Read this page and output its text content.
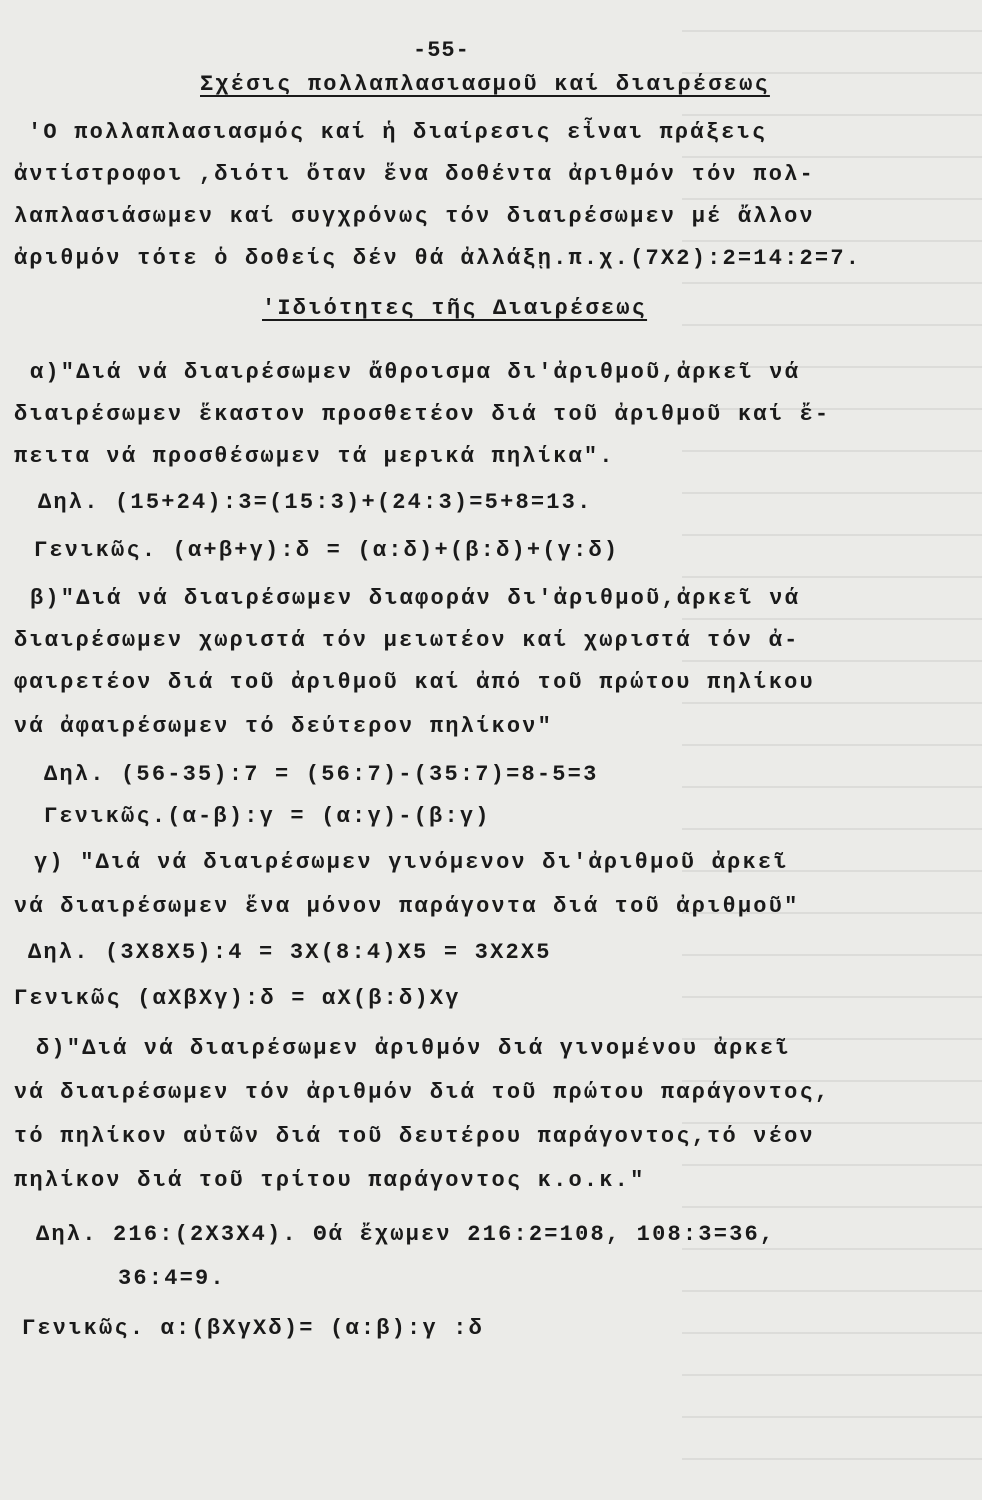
-55-
Σχέσις πολλαπλασιασμοῦ καί διαιρέσεως
'Ο πολλαπλασιασμός καί ἡ διαίρεσις εἶναι πράξεις
ἀντίστροφοι ,διότι ὅταν ἕνα δοθέντα ἀριθμόν τόν πολ-
λαπλασιάσωμεν καί συγχρόνως τόν διαιρέσωμεν μέ ἄλλον
ἀριθμόν τότε ὁ δοθείς δέν θά ἀλλάξῃ.π.χ.(7Χ2):2=14:2=7.
'Ιδιότητες τῆς Διαιρέσεως
α)"Διά νά διαιρέσωμεν ἄθροισμα δι'ἀριθμοῦ,ἀρκεῖ νά
διαιρέσωμεν ἕκαστον προσθετέον διά τοῦ ἀριθμοῦ καί ἔ-
πειτα νά προσθέσωμεν τά μερικά πηλίκα".
Δηλ. (15+24):3=(15:3)+(24:3)=5+8=13.
Γενικῶς. (α+β+γ):δ = (α:δ)+(β:δ)+(γ:δ)
β)"Διά νά διαιρέσωμεν διαφοράν δι'ἀριθμοῦ,ἀρκεῖ νά
διαιρέσωμεν χωριστά τόν μειωτέον καί χωριστά τόν ἀ-
φαιρετέον διά τοῦ ἀριθμοῦ καί ἀπό τοῦ πρώτου πηλίκου
νά ἀφαιρέσωμεν τό δεύτερον πηλίκον"
Δηλ. (56-35):7 = (56:7)-(35:7)=8-5=3
Γενικῶς.(α-β):γ = (α:γ)-(β:γ)
γ) "Διά νά διαιρέσωμεν γινόμενον δι'ἀριθμοῦ ἀρκεῖ
νά διαιρέσωμεν ἕνα μόνον παράγοντα διά τοῦ ἀριθμοῦ"
Δηλ. (3Χ8Χ5):4 = 3Χ(8:4)Χ5 = 3Χ2Χ5
Γενικῶς (αΧβΧγ):δ = αΧ(β:δ)Χγ
δ)"Διά νά διαιρέσωμεν ἀριθμόν διά γινομένου ἀρκεῖ
νά διαιρέσωμεν τόν ἀριθμόν διά τοῦ πρώτου παράγοντος,
τό πηλίκον αὐτῶν διά τοῦ δευτέρου παράγοντος,τό νέον
πηλίκον διά τοῦ τρίτου παράγοντος κ.ο.κ."
Δηλ. 216:(2Χ3Χ4). Θά ἔχωμεν 216:2=108, 108:3=36,
36:4=9.
Γενικῶς. α:(βΧγΧδ)= (α:β):γ :δ
